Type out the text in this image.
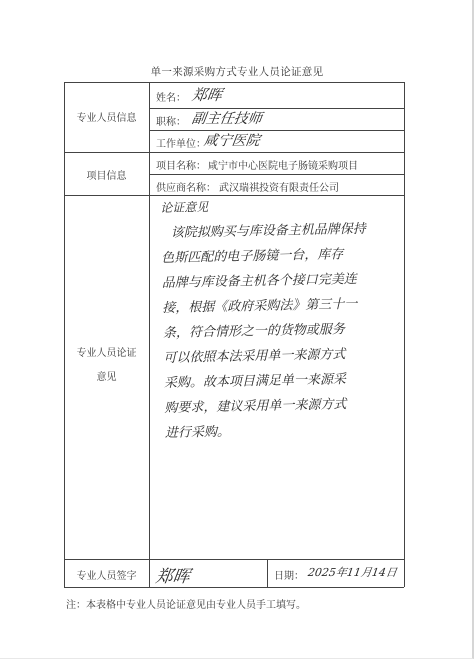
单一来源采购方式专业人员论证意见
专业人员信息
项目信息
专业人员论证
意见
专业人员签字
姓名： 郑晖
职称： 副主任技师
工作单位：
咸宁医院
项目名称： 咸宁市中心医院电子肠镜采购项目
供应商名称： 武汉瑞祺投资有限责任公司
郑晖	日期： 2025年11月14日
论证意见
该院拟购买与库设备主机品牌保持
色斯匹配的电子肠镜一台，库存
品牌与库设备主机各个接口完美连
接，根据《政府采购法》第三十一
条，符合情形之一的货物或服务
可以依照本法采用单一来源方式
采购。故本项目满足单一来源采
购要求，建议采用单一来源方式
进行采购。
注：本表格中专业人员论证意见由专业人员手工填写。
